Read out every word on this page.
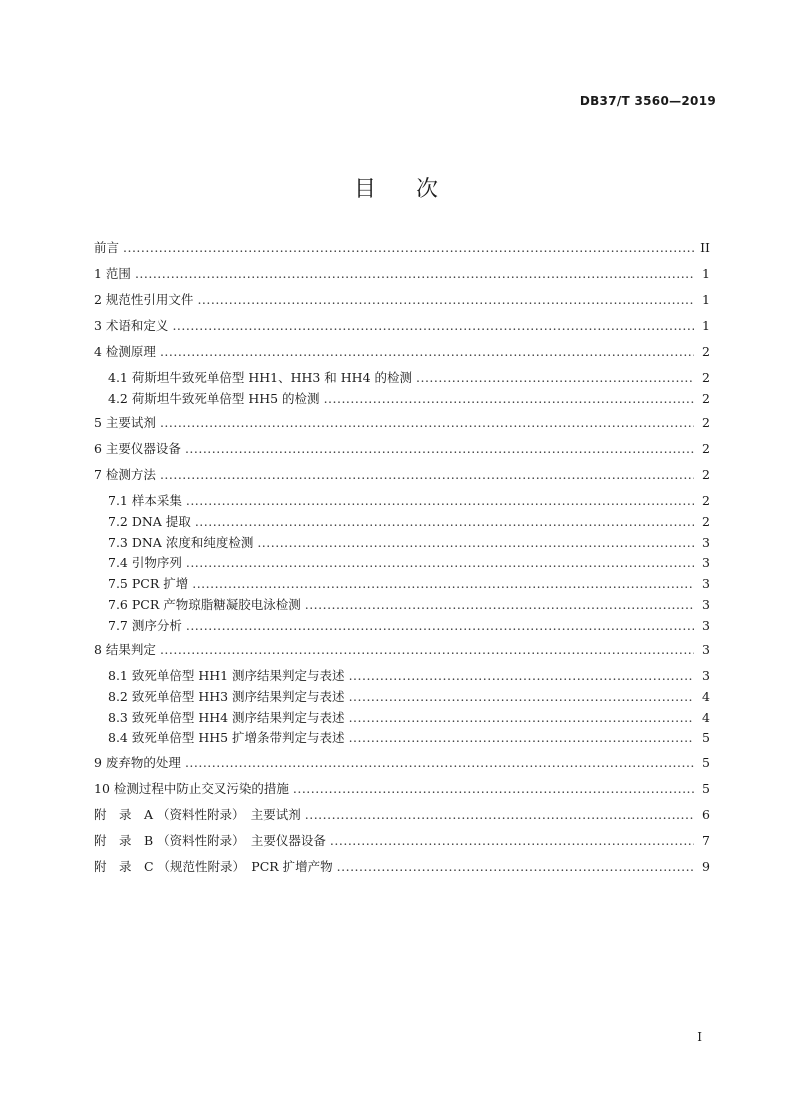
DB37/T 3560—2019
目 次
前言 .....	II
1 范围 .....	1
2 规范性引用文件 .....	1
3 术语和定义 .....	1
4 检测原理 .....	2
4.1 荷斯坦牛致死单倍型 HH1、HH3 和 HH4 的检测 .....	2
4.2 荷斯坦牛致死单倍型 HH5 的检测 .....	2
5 主要试剂 .....	2
6 主要仪器设备 .....	2
7 检测方法 .....	2
7.1 样本采集 .....	2
7.2 DNA 提取 .....	2
7.3 DNA 浓度和纯度检测 .....	3
7.4 引物序列 .....	3
7.5 PCR 扩增 .....	3
7.6 PCR 产物琼脂糖凝胶电泳检测 .....	3
7.7 测序分析 .....	3
8 结果判定 .....	3
8.1 致死单倍型 HH1 测序结果判定与表述 .....	3
8.2 致死单倍型 HH3 测序结果判定与表述 .....	4
8.3 致死单倍型 HH4 测序结果判定与表述 .....	4
8.4 致死单倍型 HH5 扩增条带判定与表述 .....	5
9 废弃物的处理 .....	5
10 检测过程中防止交叉污染的措施 .....	5
附　录　A （资料性附录）　主要试剂 .....	6
附　录　B （资料性附录）　主要仪器设备 .....	7
附　录　C （规范性附录）　PCR 扩增产物 .....	9
I
